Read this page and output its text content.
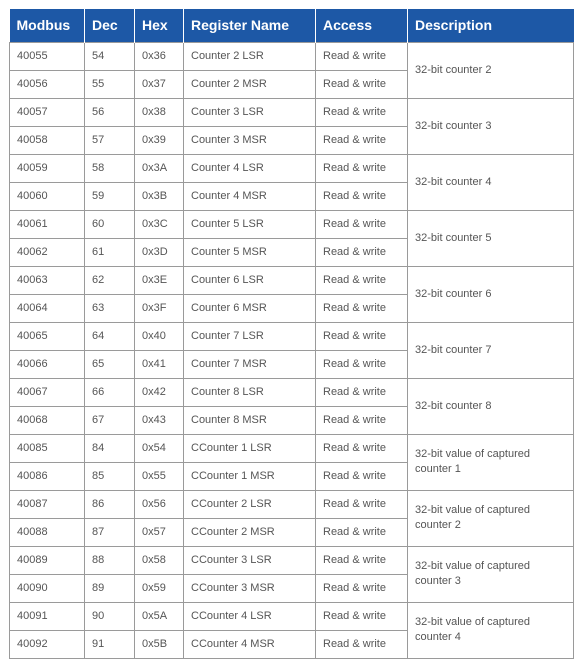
Modbus	Dec	Hex	Register Name	Access	Description
40055	54	0x36	Counter 2 LSR	Read & write	32-bit counter 2
40056	55	0x37	Counter 2 MSR	Read & write	
40057	56	0x38	Counter 3 LSR	Read & write	32-bit counter 3
40058	57	0x39	Counter 3 MSR	Read & write	
40059	58	0x3A	Counter 4 LSR	Read & write	32-bit counter 4
40060	59	0x3B	Counter 4 MSR	Read & write	
40061	60	0x3C	Counter 5 LSR	Read & write	32-bit counter 5
40062	61	0x3D	Counter 5 MSR	Read & write	
40063	62	0x3E	Counter 6 LSR	Read & write	32-bit counter 6
40064	63	0x3F	Counter 6 MSR	Read & write	
40065	64	0x40	Counter 7 LSR	Read & write	32-bit counter 7
40066	65	0x41	Counter 7 MSR	Read & write	
40067	66	0x42	Counter 8 LSR	Read & write	32-bit counter 8
40068	67	0x43	Counter 8 MSR	Read & write	
40085	84	0x54	CCounter 1 LSR	Read & write	32-bit value of captured counter 1
40086	85	0x55	CCounter 1 MSR	Read & write	
40087	86	0x56	CCounter 2 LSR	Read & write	32-bit value of captured counter 2
40088	87	0x57	CCounter 2 MSR	Read & write	
40089	88	0x58	CCounter 3 LSR	Read & write	32-bit value of captured counter 3
40090	89	0x59	CCounter 3 MSR	Read & write	
40091	90	0x5A	CCounter 4 LSR	Read & write	32-bit value of captured counter 4
40092	91	0x5B	CCounter 4 MSR	Read & write	
